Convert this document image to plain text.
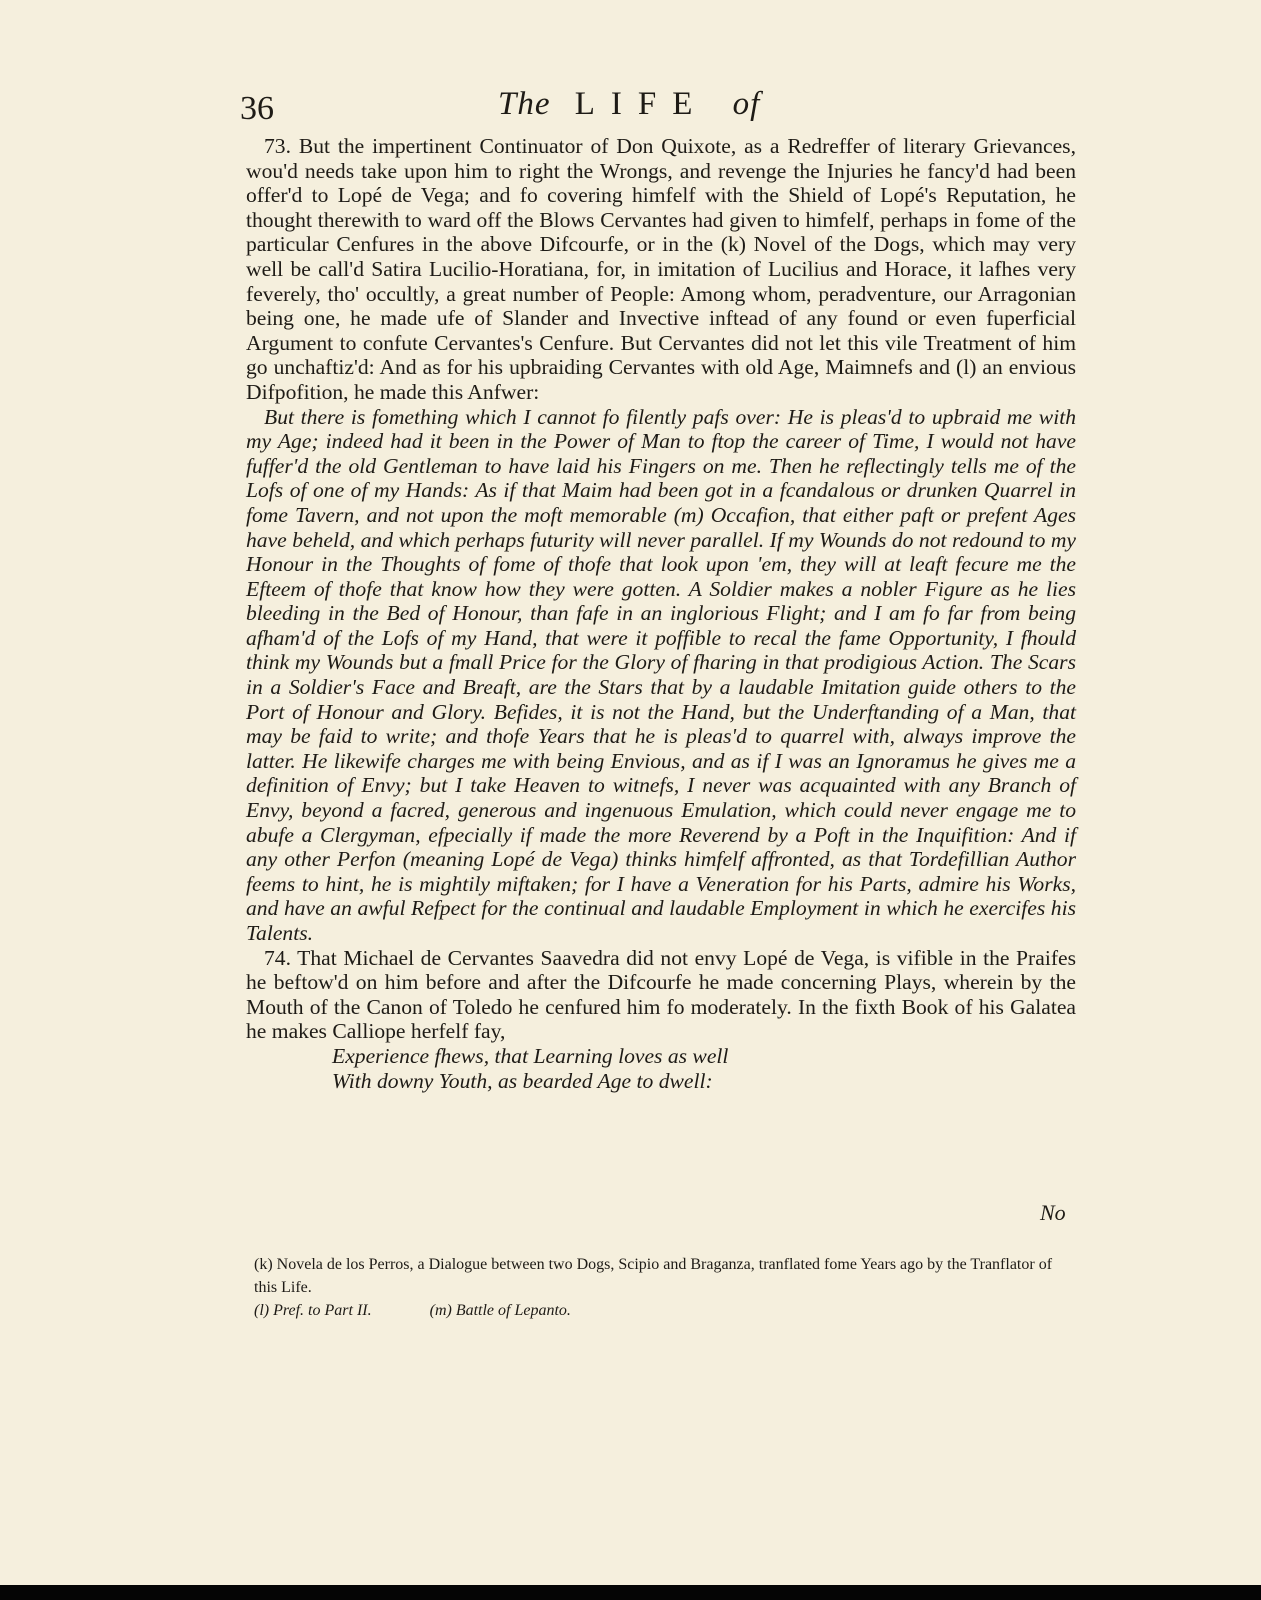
36	The LIFE of

73. But the impertinent Continuator of Don Quixote, as a Redreffer of literary Grievances, wou'd needs take upon him to right the Wrongs, and revenge the Injuries he fancy'd had been offer'd to Lopé de Vega; and fo covering himfelf with the Shield of Lopé's Reputation, he thought therewith to ward off the Blows Cervantes had given to himfelf, perhaps in fome of the particular Cenfures in the above Difcourfe, or in the (k) Novel of the Dogs, which may very well be call'd Satira Lucilio-Horatiana, for, in imitation of Lucilius and Horace, it lafhes very feverely, tho' occultly, a great number of People: Among whom, peradventure, our Arragonian being one, he made ufe of Slander and Invective inftead of any found or even fuperficial Argument to confute Cervantes's Cenfure. But Cervantes did not let this vile Treatment of him go unchaftiz'd: And as for his upbraiding Cervantes with old Age, Maimnefs and (l) an envious Difpofition, he made this Anfwer:

But there is fomething which I cannot fo filently pafs over: He is pleas'd to upbraid me with my Age; indeed had it been in the Power of Man to ftop the career of Time, I would not have fuffer'd the old Gentleman to have laid his Fingers on me. Then he reflectingly tells me of the Lofs of one of my Hands: As if that Maim had been got in a fcandalous or drunken Quarrel in fome Tavern, and not upon the moft memorable (m) Occafion, that either paft or prefent Ages have beheld, and which perhaps futurity will never parallel. If my Wounds do not redound to my Honour in the Thoughts of fome of thofe that look upon 'em, they will at leaft fecure me the Efteem of thofe that know how they were gotten. A Soldier makes a nobler Figure as he lies bleeding in the Bed of Honour, than fafe in an inglorious Flight; and I am fo far from being afham'd of the Lofs of my Hand, that were it poffible to recal the fame Opportunity, I fhould think my Wounds but a fmall Price for the Glory of fharing in that prodigious Action. The Scars in a Soldier's Face and Breaft, are the Stars that by a laudable Imitation guide others to the Port of Honour and Glory. Befides, it is not the Hand, but the Underftanding of a Man, that may be faid to write; and thofe Years that he is pleas'd to quarrel with, always improve the latter. He likewife charges me with being Envious, and as if I was an Ignoramus he gives me a definition of Envy; but I take Heaven to witnefs, I never was acquainted with any Branch of Envy, beyond a facred, generous and ingenuous Emulation, which could never engage me to abufe a Clergyman, efpecially if made the more Reverend by a Poft in the Inquifition: And if any other Perfon (meaning Lopé de Vega) thinks himfelf affronted, as that Tordefillian Author feems to hint, he is mightily miftaken; for I have a Veneration for his Parts, admire his Works, and have an awful Refpect for the continual and laudable Employment in which he exercifes his Talents.

74. That Michael de Cervantes Saavedra did not envy Lopé de Vega, is vifible in the Praifes he beftow'd on him before and after the Difcourfe he made concerning Plays, wherein by the Mouth of the Canon of Toledo he cenfured him fo moderately. In the fixth Book of his Galatea he makes Calliope herfelf fay,

Experience fhews, that Learning loves as well

With downy Youth, as bearded Age to dwell:

No

(k) Novela de los Perros, a Dialogue between two Dogs, Scipio and Braganza, tranflated fome Years ago by the Tranflator of this Life.

(l) Pref. to Part II.	(m) Battle of Lepanto.
